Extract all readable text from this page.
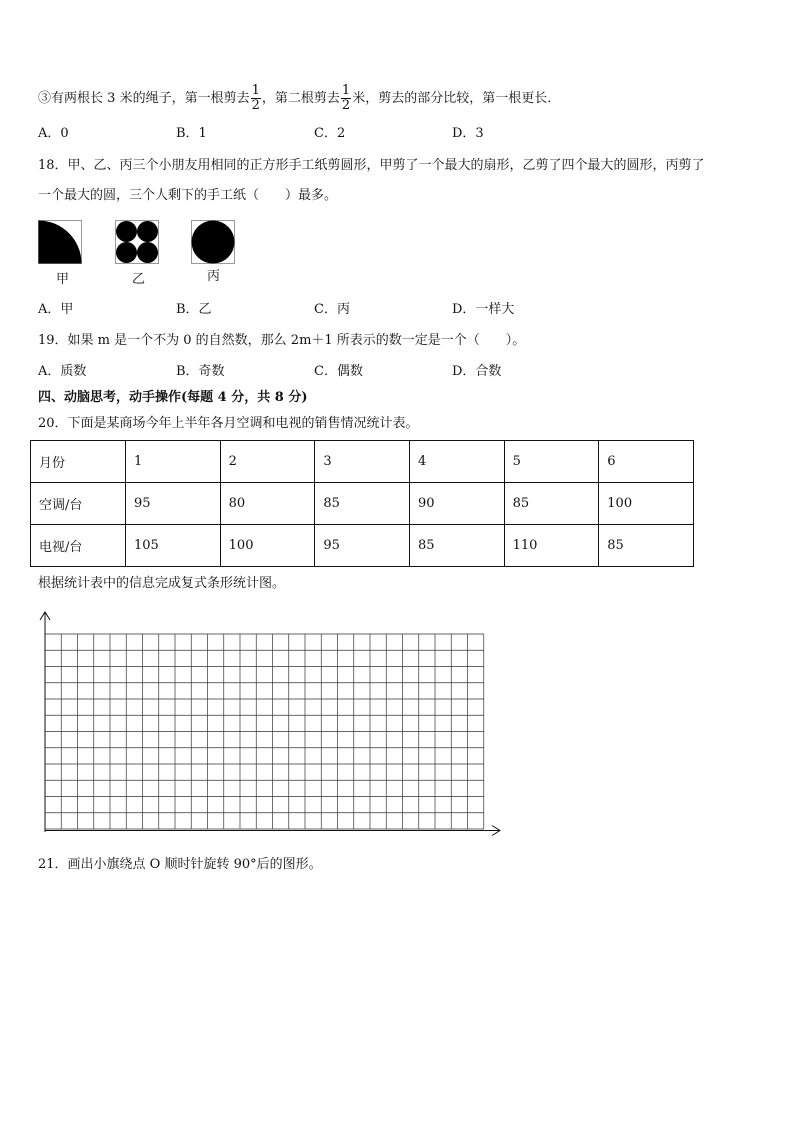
③有两根长 3 米的绳子，第一根剪去 $\frac{1}{2}$ ，第二根剪去 $\frac{1}{2}$ 米，剪去的部分比较，第一根更长．
A．0	B．1	C．2	D．3
18．甲、乙、丙三个小朋友用相同的正方形手工纸剪圆形，甲剪了一个最大的扇形，乙剪了四个最大的圆形，丙剪了
一个最大的圆，三个人剩下的手工纸（　　）最多。
甲	乙	丙
A．甲	B．乙	C．丙	D．一样大
19．如果 m 是一个不为 0 的自然数，那么 2m＋1 所表示的数一定是一个（　　）。
A．质数	B．奇数	C．偶数	D．合数
四、动脑思考，动手操作(每题 4 分，共 8 分)
20．下面是某商场今年上半年各月空调和电视的销售情况统计表。
月份	1	2	3	4	5	6
空调/台	95	80	85	90	85	100
电视/台	105	100	95	85	110	85
根据统计表中的信息完成复式条形统计图。
21．画出小旗绕点 O 顺时针旋转 90°后的图形。
